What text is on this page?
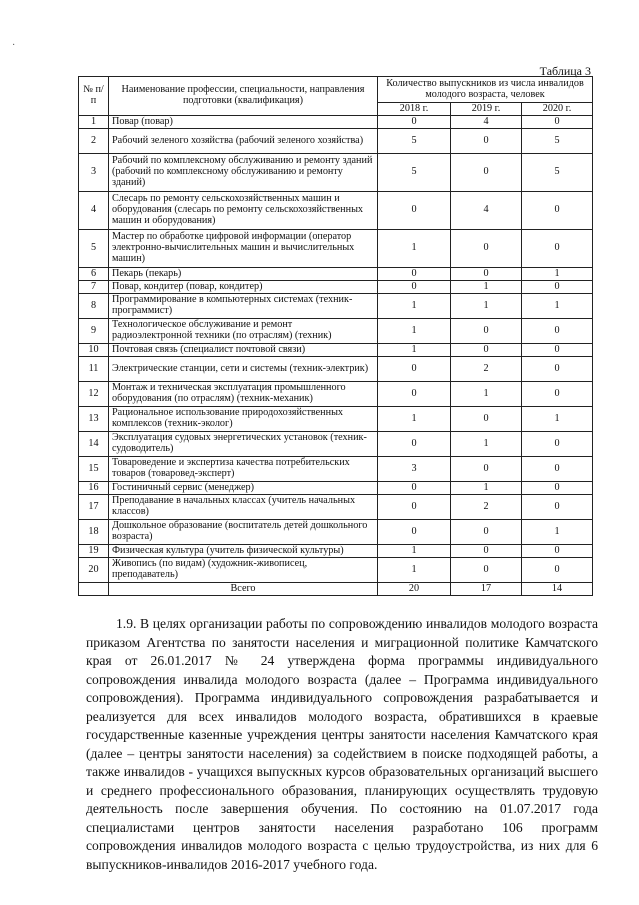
·
Таблица 3
№ п/п	Наименование профессии, специальности, направления подготовки (квалификация)	Количество выпускников из числа инвалидов молодого возраста, человек		
		2018 г.	2019 г.	2020 г.
1	Повар (повар)	0	4	0
2	Рабочий зеленого хозяйства (рабочий зеленого хозяйства)	5	0	5
3	Рабочий по комплексному обслуживанию и ремонту зданий (рабочий по комплексному обслуживанию и ремонту зданий)	5	0	5
4	Слесарь по ремонту сельскохозяйственных машин и оборудования (слесарь по ремонту сельскохозяйственных машин и оборудования)	0	4	0
5	Мастер по обработке цифровой информации (оператор электронно-вычислительных машин и вычислительных машин)	1	0	0
6	Пекарь (пекарь)	0	0	1
7	Повар, кондитер (повар, кондитер)	0	1	0
8	Программирование в компьютерных системах (техник-программист)	1	1	1
9	Технологическое обслуживание и ремонт радиоэлектронной техники (по отраслям) (техник)	1	0	0
10	Почтовая связь (специалист почтовой связи)	1	0	0
11	Электрические станции, сети и системы (техник-электрик)	0	2	0
12	Монтаж и техническая эксплуатация промышленного оборудования (по отраслям) (техник-механик)	0	1	0
13	Рациональное использование природохозяйственных комплексов (техник-эколог)	1	0	1
14	Эксплуатация судовых энергетических установок (техник-судоводитель)	0	1	0
15	Товароведение и экспертиза качества потребительских товаров (товаровед-эксперт)	3	0	0
16	Гостиничный сервис (менеджер)	0	1	0
17	Преподавание в начальных классах (учитель начальных классов)	0	2	0
18	Дошкольное образование (воспитатель детей дошкольного возраста)	0	0	1
19	Физическая культура (учитель физической культуры)	1	0	0
20	Живопись (по видам) (художник-живописец, преподаватель)	1	0	0
	Всего	20	17	14

1.9. В целях организации работы по сопровождению инвалидов молодого возраста приказом Агентства по занятости населения и миграционной политике Камчатского края от 26.01.2017 № 24 утверждена форма программы индивидуального сопровождения инвалида молодого возраста (далее – Программа индивидуального сопровождения). Программа индивидуального сопровождения разрабатывается и реализуется для всех инвалидов молодого возраста, обратившихся в краевые государственные казенные учреждения центры занятости населения Камчатского края (далее – центры занятости населения) за содействием в поиске подходящей работы, а также инвалидов - учащихся выпускных курсов образовательных организаций высшего и среднего профессионального образования, планирующих осуществлять трудовую деятельность после завершения обучения. По состоянию на 01.07.2017 года специалистами центров занятости населения разработано 106 программ сопровождения инвалидов молодого возраста с целью трудоустройства, из них для 6 выпускников-инвалидов 2016-2017 учебного года.
